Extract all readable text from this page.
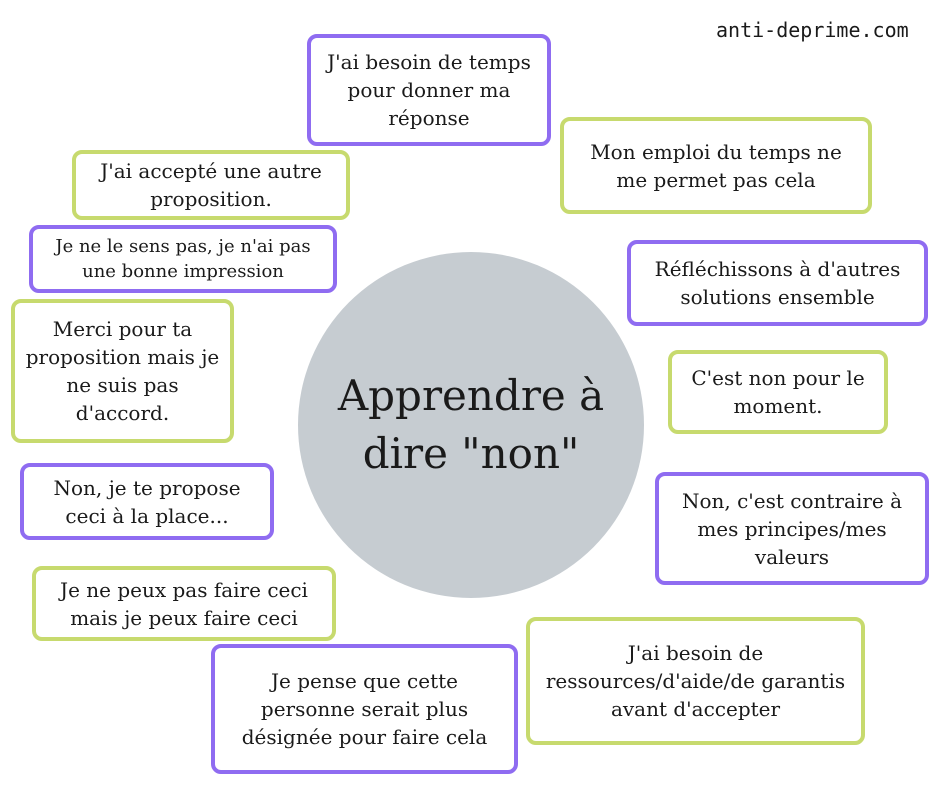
anti-deprime.com
Apprendre à dire "non"
J'ai besoin de temps pour donner ma réponse
J'ai accepté une autre proposition.
Mon emploi du temps ne me permet pas cela
Je ne le sens pas, je n'ai pas une bonne impression	Réfléchissons à d'autres solutions ensemble
Merci pour ta proposition mais je ne suis pas d'accord.
C'est non pour le moment.
Non, je te propose ceci à la place...
Non, c'est contraire à mes principes/mes valeurs
Je ne peux pas faire ceci mais je peux faire ceci
J'ai besoin de ressources/d'aide/de garantis avant d'accepter
Je pense que cette personne serait plus désignée pour faire cela
